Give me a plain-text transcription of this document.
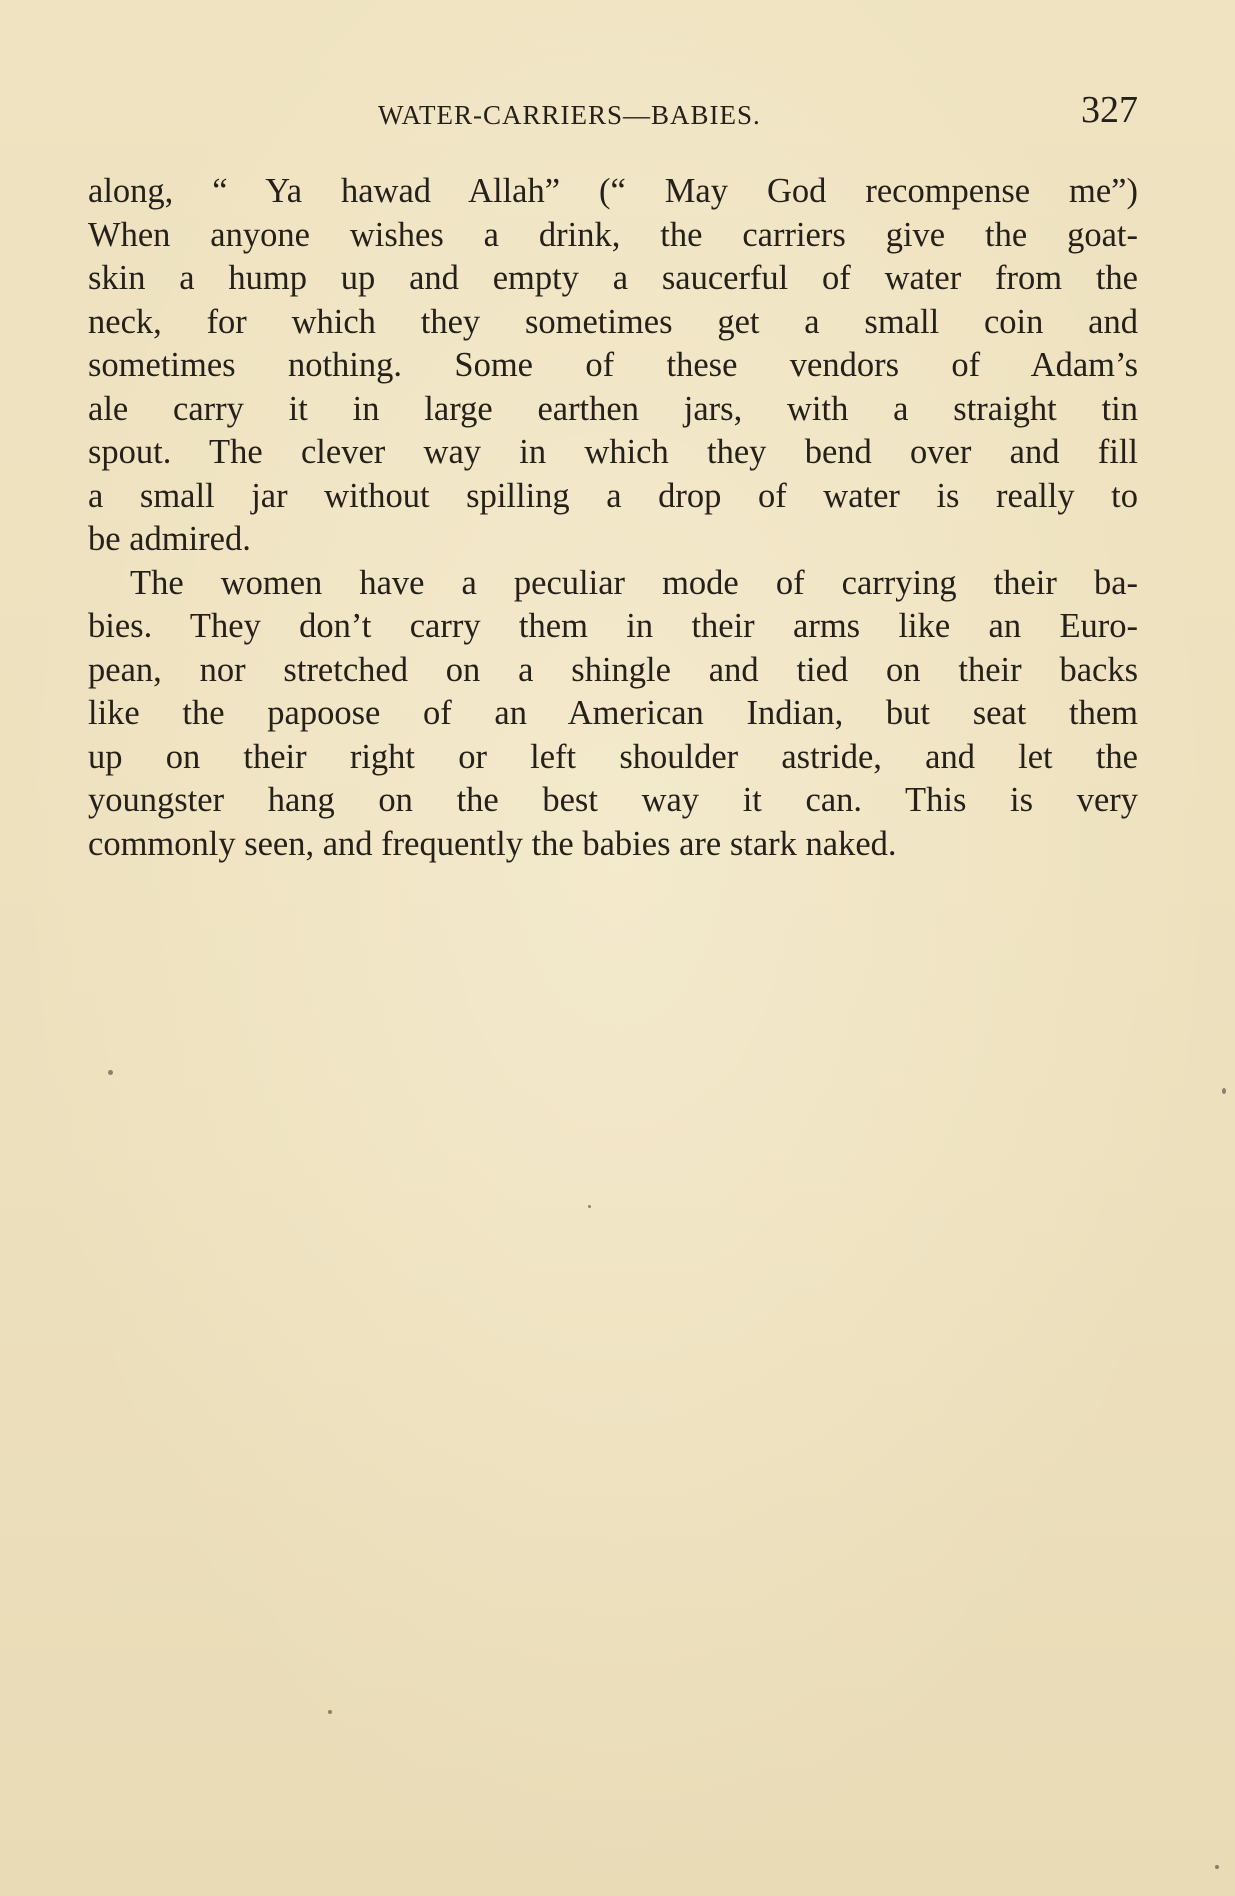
WATER-CARRIERS—BABIES.	327
along, “ Ya hawad Allah” (“ May God recompense me”)
When anyone wishes a drink, the carriers give the goat-
skin a hump up and empty a saucerful of water from the
neck, for which they sometimes get a small coin and
sometimes nothing. Some of these vendors of Adam’s
ale carry it in large earthen jars, with a straight tin
spout. The clever way in which they bend over and fill
a small jar without spilling a drop of water is really to
be admired.
The women have a peculiar mode of carrying their ba-
bies. They don’t carry them in their arms like an Euro-
pean, nor stretched on a shingle and tied on their backs
like the papoose of an American Indian, but seat them
up on their right or left shoulder astride, and let the
youngster hang on the best way it can. This is very
commonly seen, and frequently the babies are stark naked.
